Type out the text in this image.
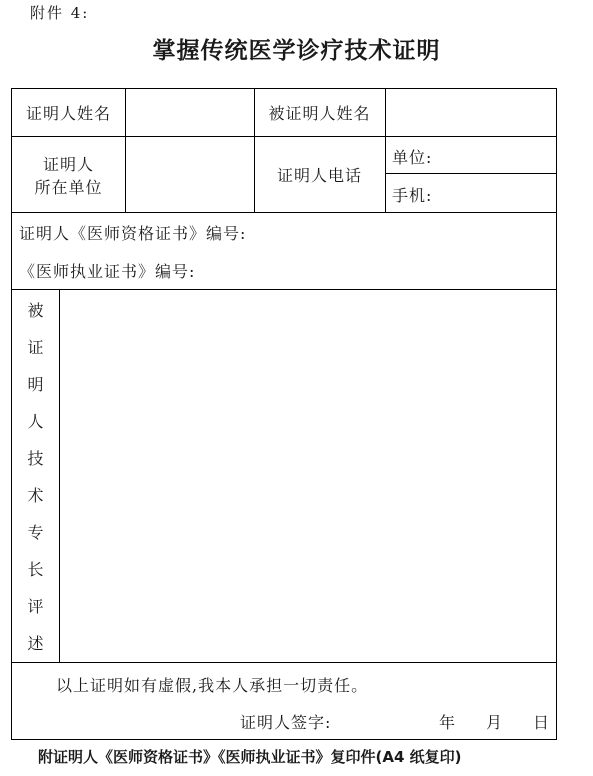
附件 4:
掌握传统医学诊疗技术证明
证明人姓名	被证明人姓名
证明人
所在单位
证明人电话
单位:
手机:
证明人《医师资格证书》编号:
《医师执业证书》编号:
被
证
明
人
技
术
专
长
评
述
以上证明如有虚假,我本人承担一切责任。
证明人签字:	年 月 日
附证明人《医师资格证书》《医师执业证书》复印件(A4 纸复印)
